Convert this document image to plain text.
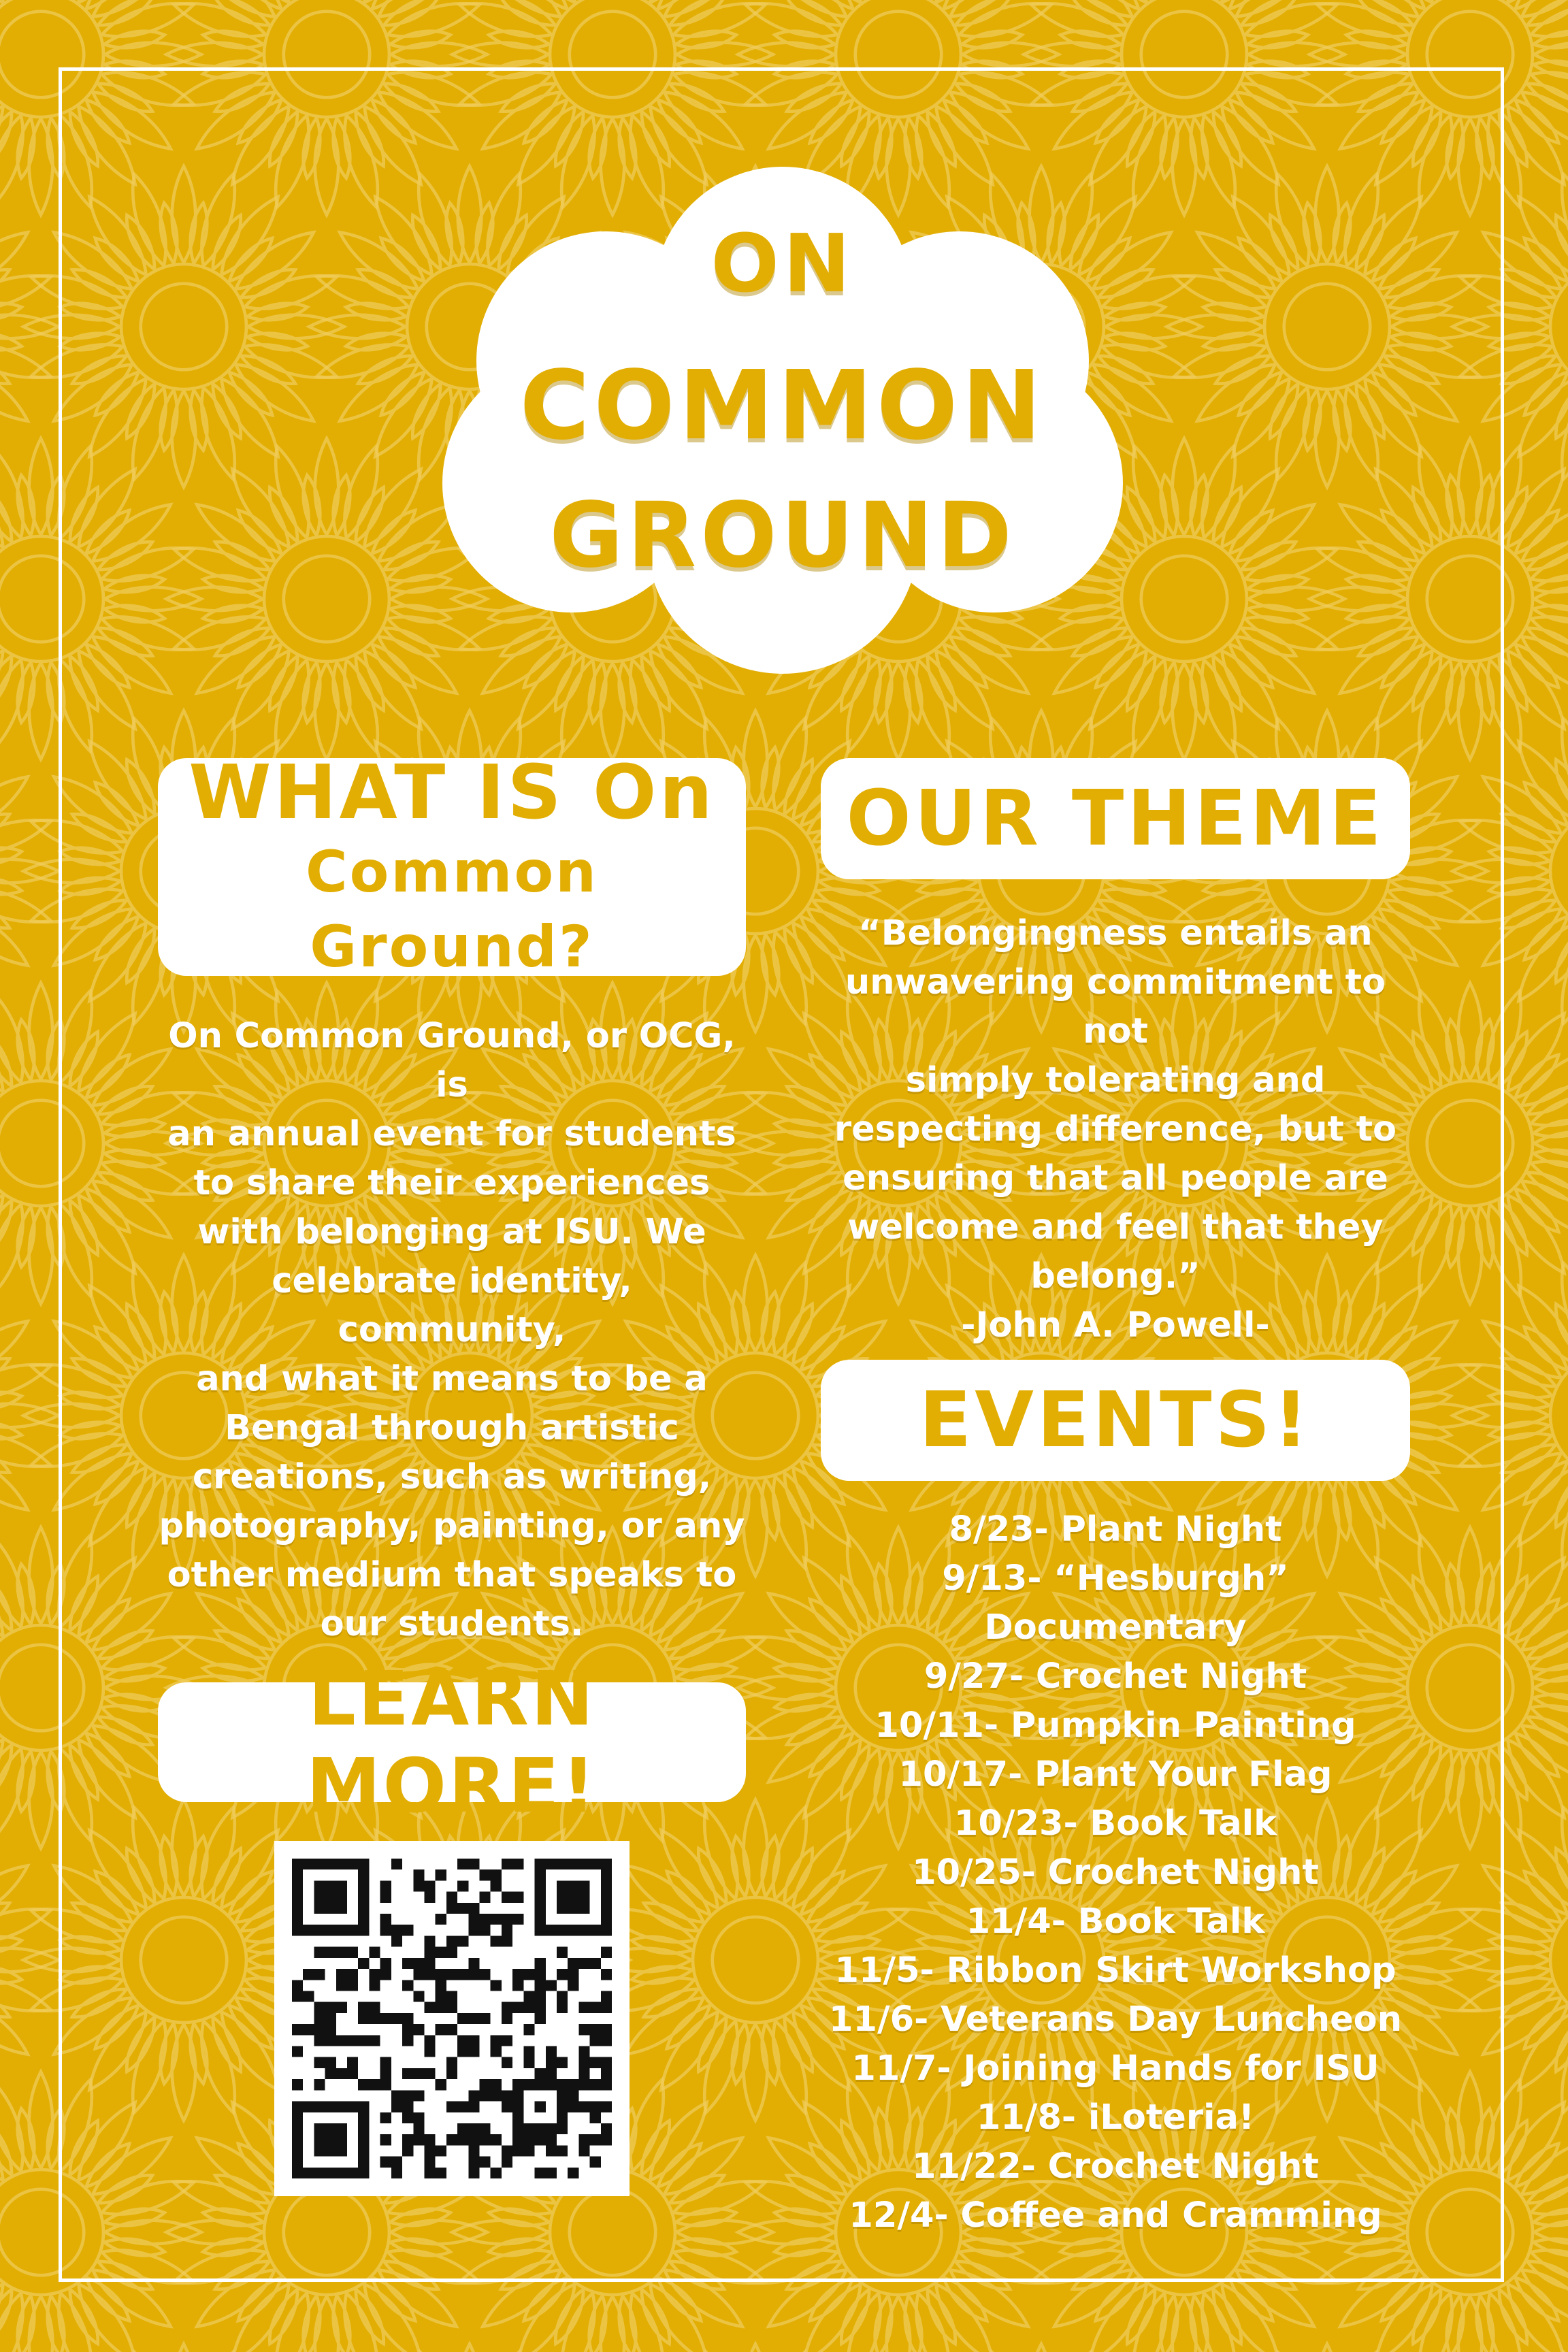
ON
COMMON
GROUND
WHAT IS On
Common Ground?
On Common Ground, or OCG, is
an annual event for students
to share their experiences
with belonging at ISU. We
celebrate identity, community,
and what it means to be a
Bengal through artistic
creations, such as writing,
photography, painting, or any
other medium that speaks to
our students.
OUR THEME

“Belongingness entails an

unwavering commitment to not

simply tolerating and

respecting difference, but to

ensuring that all people are

welcome and feel that they

belong.”

-John A. Powell-

EVENTS!
8/23- Plant Night
9/13- “Hesburgh” Documentary
9/27- Crochet Night
10/11- Pumpkin Painting
10/17- Plant Your Flag
10/23- Book Talk
10/25- Crochet Night
11/4- Book Talk
11/5- Ribbon Skirt Workshop
11/6- Veterans Day Luncheon
11/7- Joining Hands for ISU
11/8- iLoteria!
11/22- Crochet Night
12/4- Coffee and Cramming
LEARN MORE!
